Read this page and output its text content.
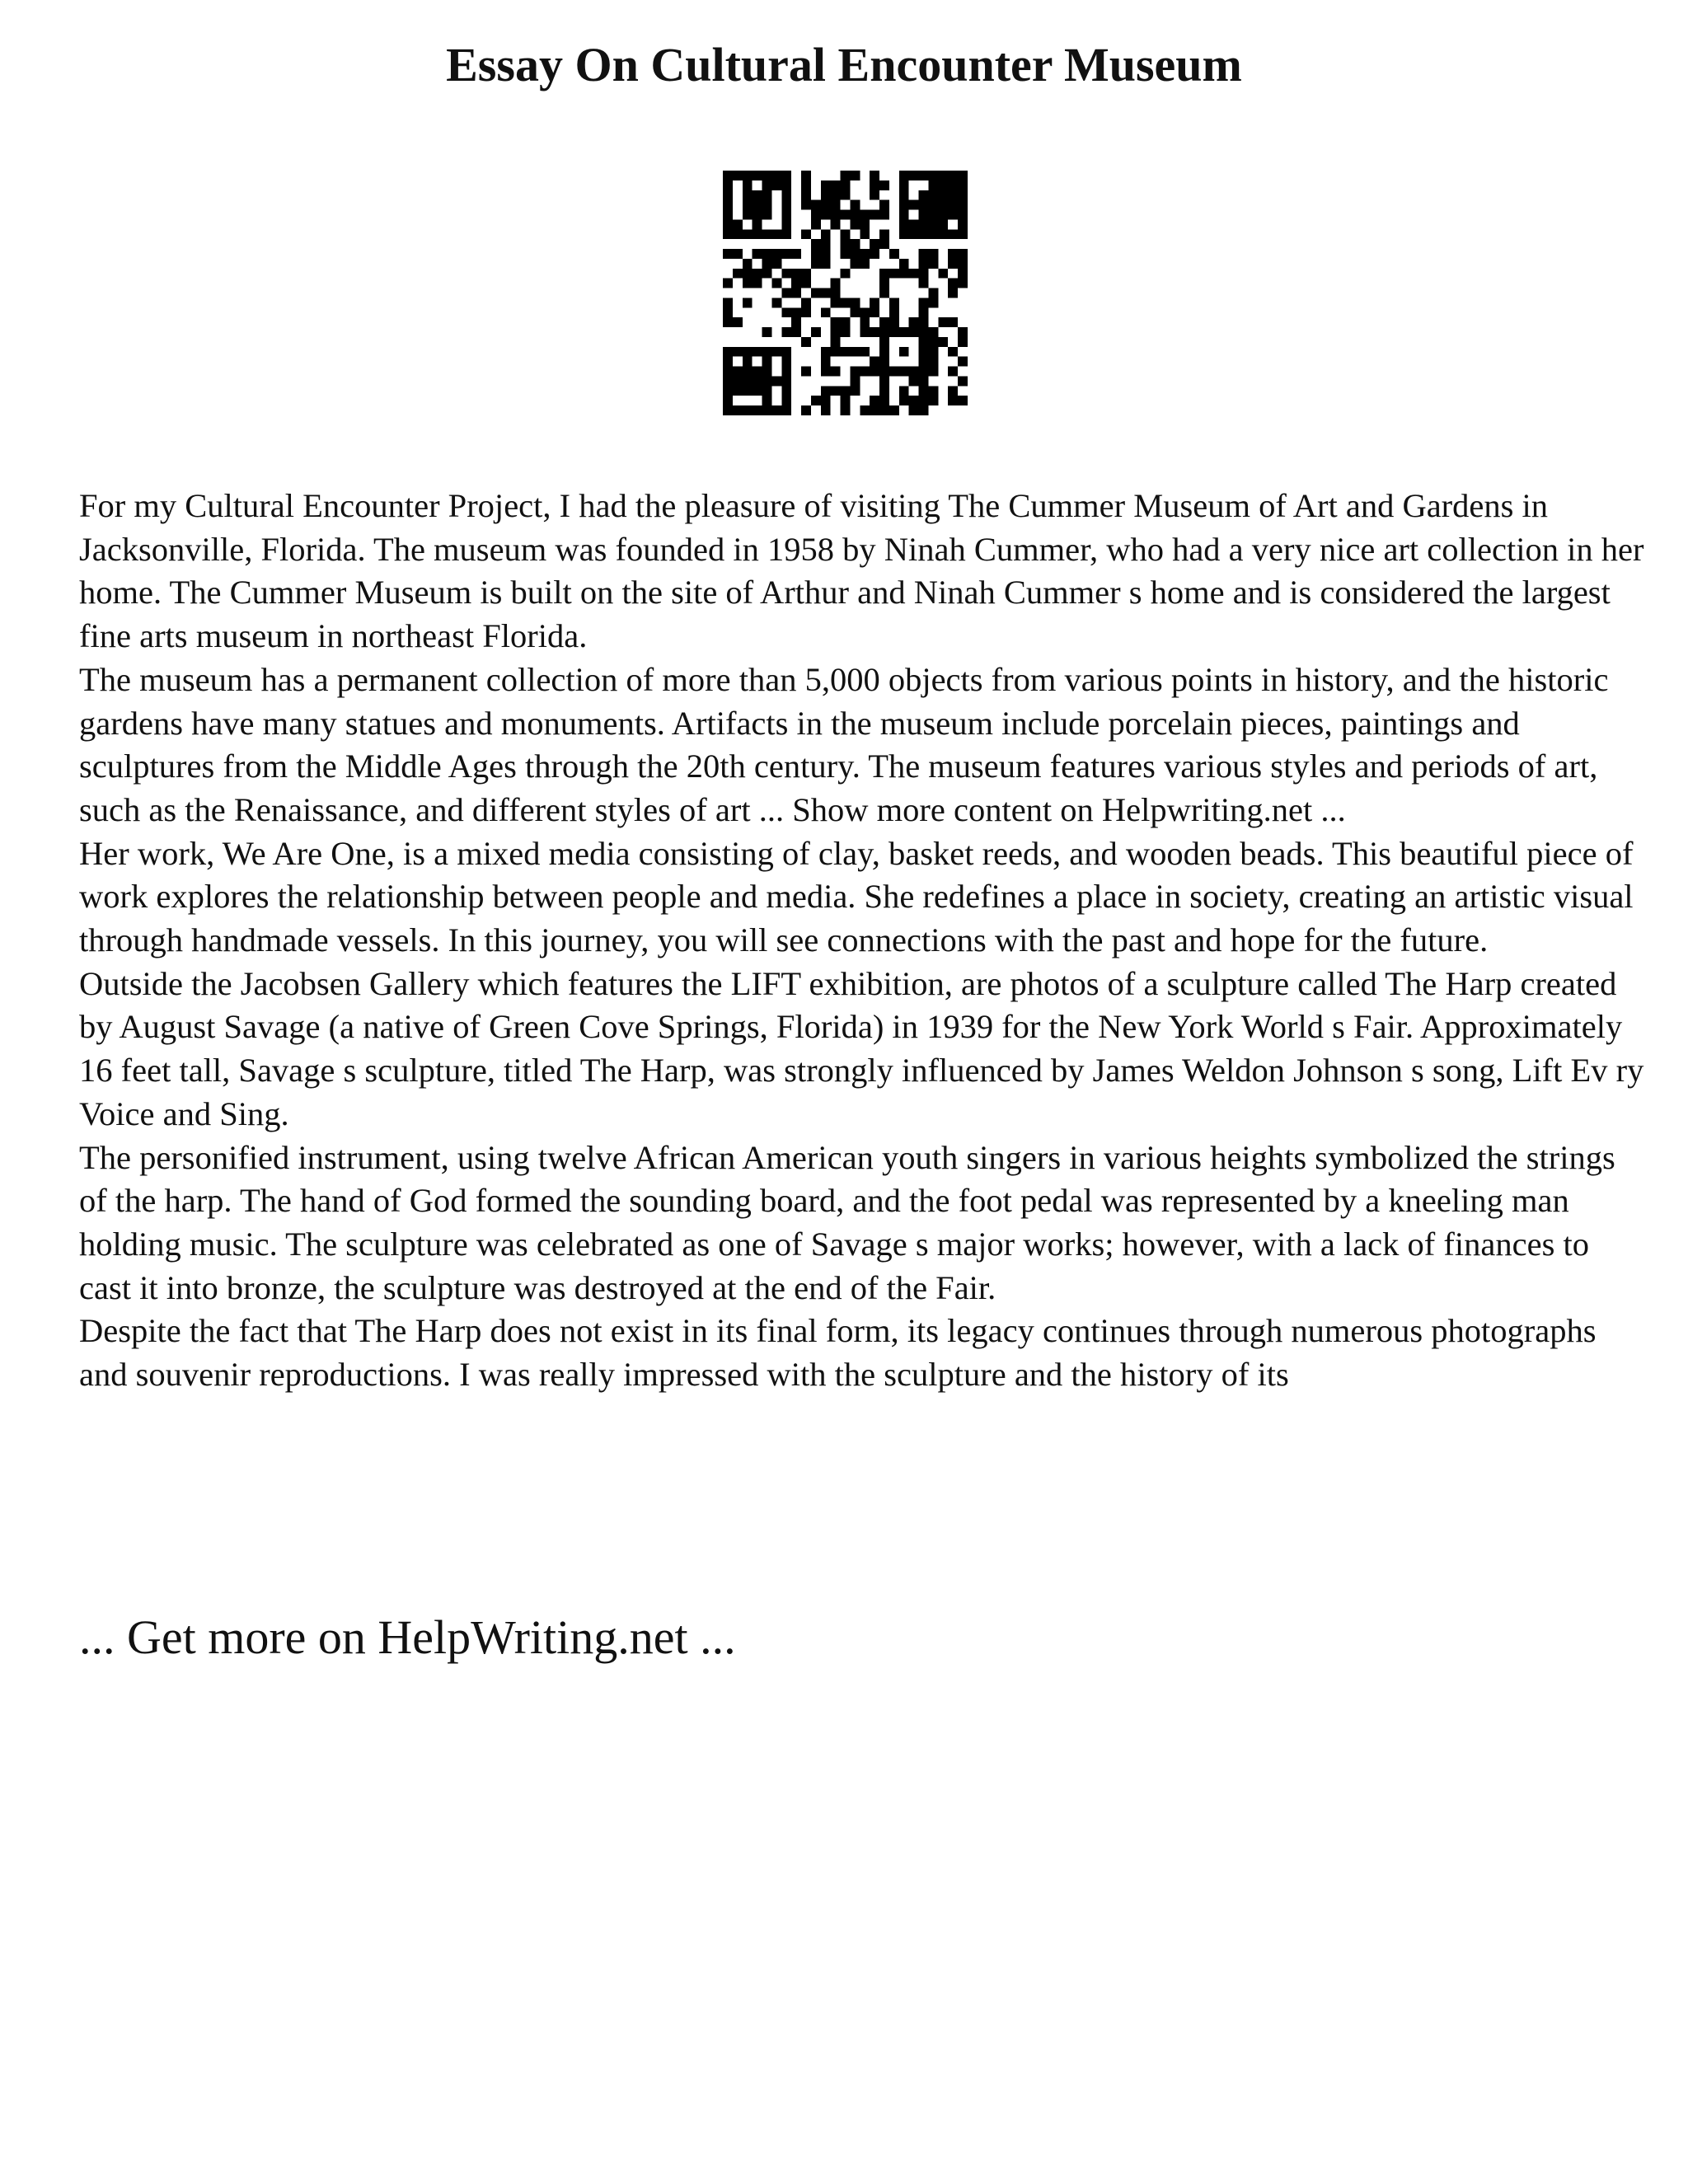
Essay On Cultural Encounter Museum

For my Cultural Encounter Project, I had the pleasure of visiting The Cummer Museum of Art and Gardens in Jacksonville, Florida. The museum was founded in 1958 by Ninah Cummer, who had a very nice art collection in her home. The Cummer Museum is built on the site of Arthur and Ninah Cummer s home and is considered the largest fine arts museum in northeast Florida.

The museum has a permanent collection of more than 5,000 objects from various points in history, and the historic gardens have many statues and monuments. Artifacts in the museum include porcelain pieces, paintings and sculptures from the Middle Ages through the 20th century. The museum features various styles and periods of art, such as the Renaissance, and different styles of art ... Show more content on Helpwriting.net ...

Her work, We Are One, is a mixed media consisting of clay, basket reeds, and wooden beads. This beautiful piece of work explores the relationship between people and media. She redefines a place in society, creating an artistic visual through handmade vessels. In this journey, you will see connections with the past and hope for the future.

Outside the Jacobsen Gallery which features the LIFT exhibition, are photos of a sculpture called The Harp created by August Savage (a native of Green Cove Springs, Florida) in 1939 for the New York World s Fair. Approximately 16 feet tall, Savage s sculpture, titled The Harp, was strongly influenced by James Weldon Johnson s song, Lift Ev ry Voice and Sing.

The personified instrument, using twelve African American youth singers in various heights symbolized the strings of the harp. The hand of God formed the sounding board, and the foot pedal was represented by a kneeling man holding music. The sculpture was celebrated as one of Savage s major works; however, with a lack of finances to cast it into bronze, the sculpture was destroyed at the end of the Fair.

Despite the fact that The Harp does not exist in its final form, its legacy continues through numerous photographs and souvenir reproductions. I was really impressed with the sculpture and the history of its

... Get more on HelpWriting.net ...
